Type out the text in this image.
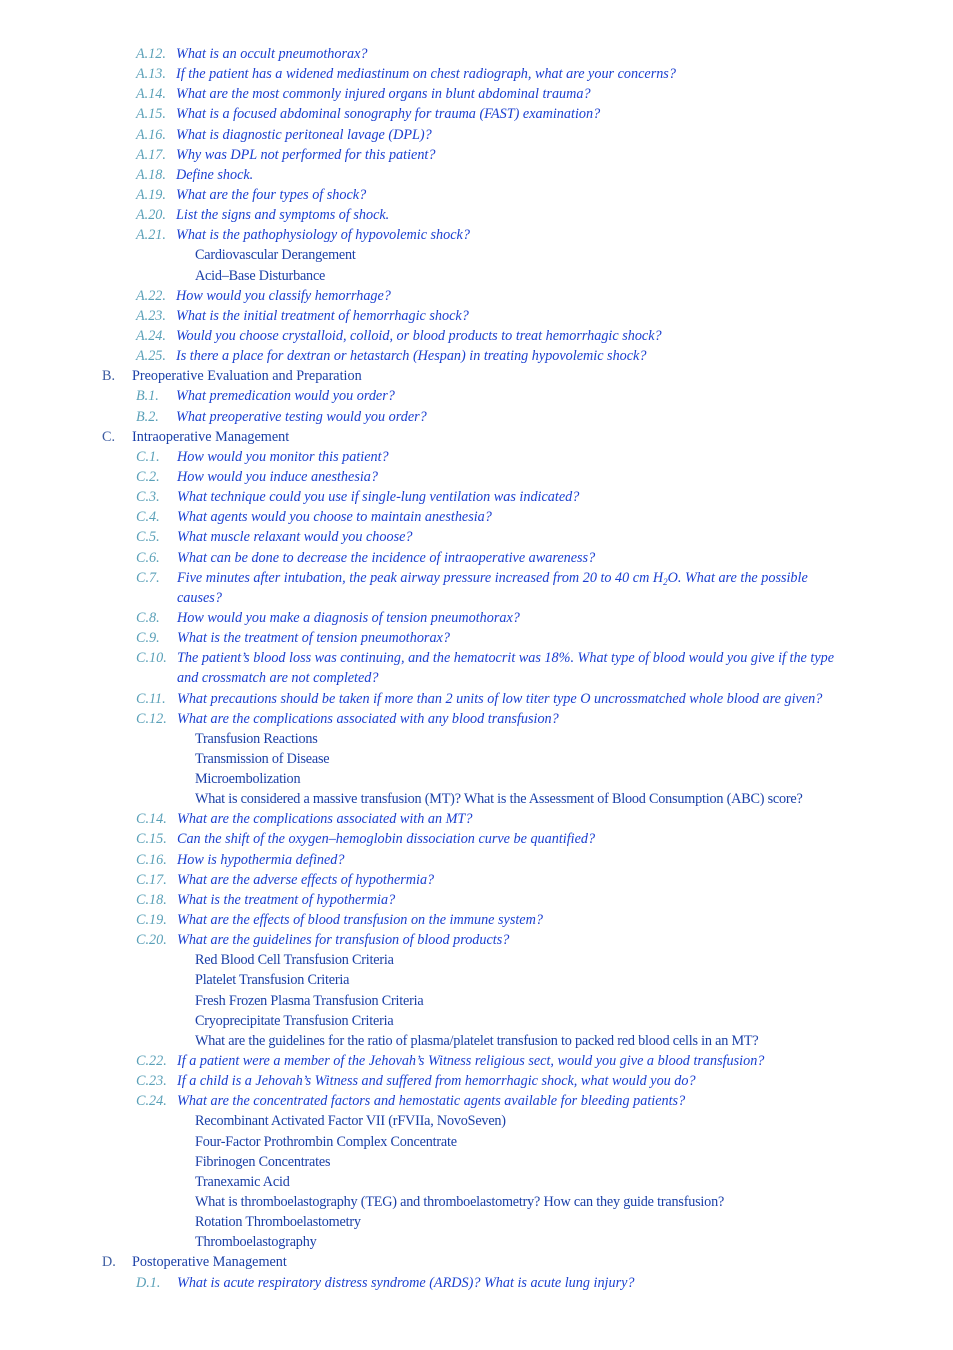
A.12. What is an occult pneumothorax?
A.13. If the patient has a widened mediastinum on chest radiograph, what are your concerns?
A.14. What are the most commonly injured organs in blunt abdominal trauma?
A.15. What is a focused abdominal sonography for trauma (FAST) examination?
A.16. What is diagnostic peritoneal lavage (DPL)?
A.17. Why was DPL not performed for this patient?
A.18. Define shock.
A.19. What are the four types of shock?
A.20. List the signs and symptoms of shock.
A.21. What is the pathophysiology of hypovolemic shock?
Cardiovascular Derangement
Acid–Base Disturbance
A.22. How would you classify hemorrhage?
A.23. What is the initial treatment of hemorrhagic shock?
A.24. Would you choose crystalloid, colloid, or blood products to treat hemorrhagic shock?
A.25. Is there a place for dextran or hetastarch (Hespan) in treating hypovolemic shock?
B. Preoperative Evaluation and Preparation
B.1. What premedication would you order?
B.2. What preoperative testing would you order?
C. Intraoperative Management
C.1. How would you monitor this patient?
C.2. How would you induce anesthesia?
C.3. What technique could you use if single-lung ventilation was indicated?
C.4. What agents would you choose to maintain anesthesia?
C.5. What muscle relaxant would you choose?
C.6. What can be done to decrease the incidence of intraoperative awareness?
C.7. Five minutes after intubation, the peak airway pressure increased from 20 to 40 cm $H_2O$. What are the possible
causes?
C.8. How would you make a diagnosis of tension pneumothorax?
C.9. What is the treatment of tension pneumothorax?
C.10. The patient’s blood loss was continuing, and the hematocrit was 18%. What type of blood would you give if the type
and crossmatch are not completed?
C.11. What precautions should be taken if more than 2 units of low titer type O uncrossmatched whole blood are given?
C.12. What are the complications associated with any blood transfusion?
Transfusion Reactions
Transmission of Disease
Microembolization
What is considered a massive transfusion (MT)? What is the Assessment of Blood Consumption (ABC) score?
C.14. What are the complications associated with an MT?
C.15. Can the shift of the oxygen–hemoglobin dissociation curve be quantified?
C.16. How is hypothermia defined?
C.17. What are the adverse effects of hypothermia?
C.18. What is the treatment of hypothermia?
C.19. What are the effects of blood transfusion on the immune system?
C.20. What are the guidelines for transfusion of blood products?
Red Blood Cell Transfusion Criteria
Platelet Transfusion Criteria
Fresh Frozen Plasma Transfusion Criteria
Cryoprecipitate Transfusion Criteria
What are the guidelines for the ratio of plasma/platelet transfusion to packed red blood cells in an MT?
C.22. If a patient were a member of the Jehovah’s Witness religious sect, would you give a blood transfusion?
C.23. If a child is a Jehovah’s Witness and suffered from hemorrhagic shock, what would you do?
C.24. What are the concentrated factors and hemostatic agents available for bleeding patients?
Recombinant Activated Factor VII (rFVIIa, NovoSeven)
Four-Factor Prothrombin Complex Concentrate
Fibrinogen Concentrates
Tranexamic Acid
What is thromboelastography (TEG) and thromboelastometry? How can they guide transfusion?
Rotation Thromboelastometry
Thromboelastography
D. Postoperative Management
D.1. What is acute respiratory distress syndrome (ARDS)? What is acute lung injury?
